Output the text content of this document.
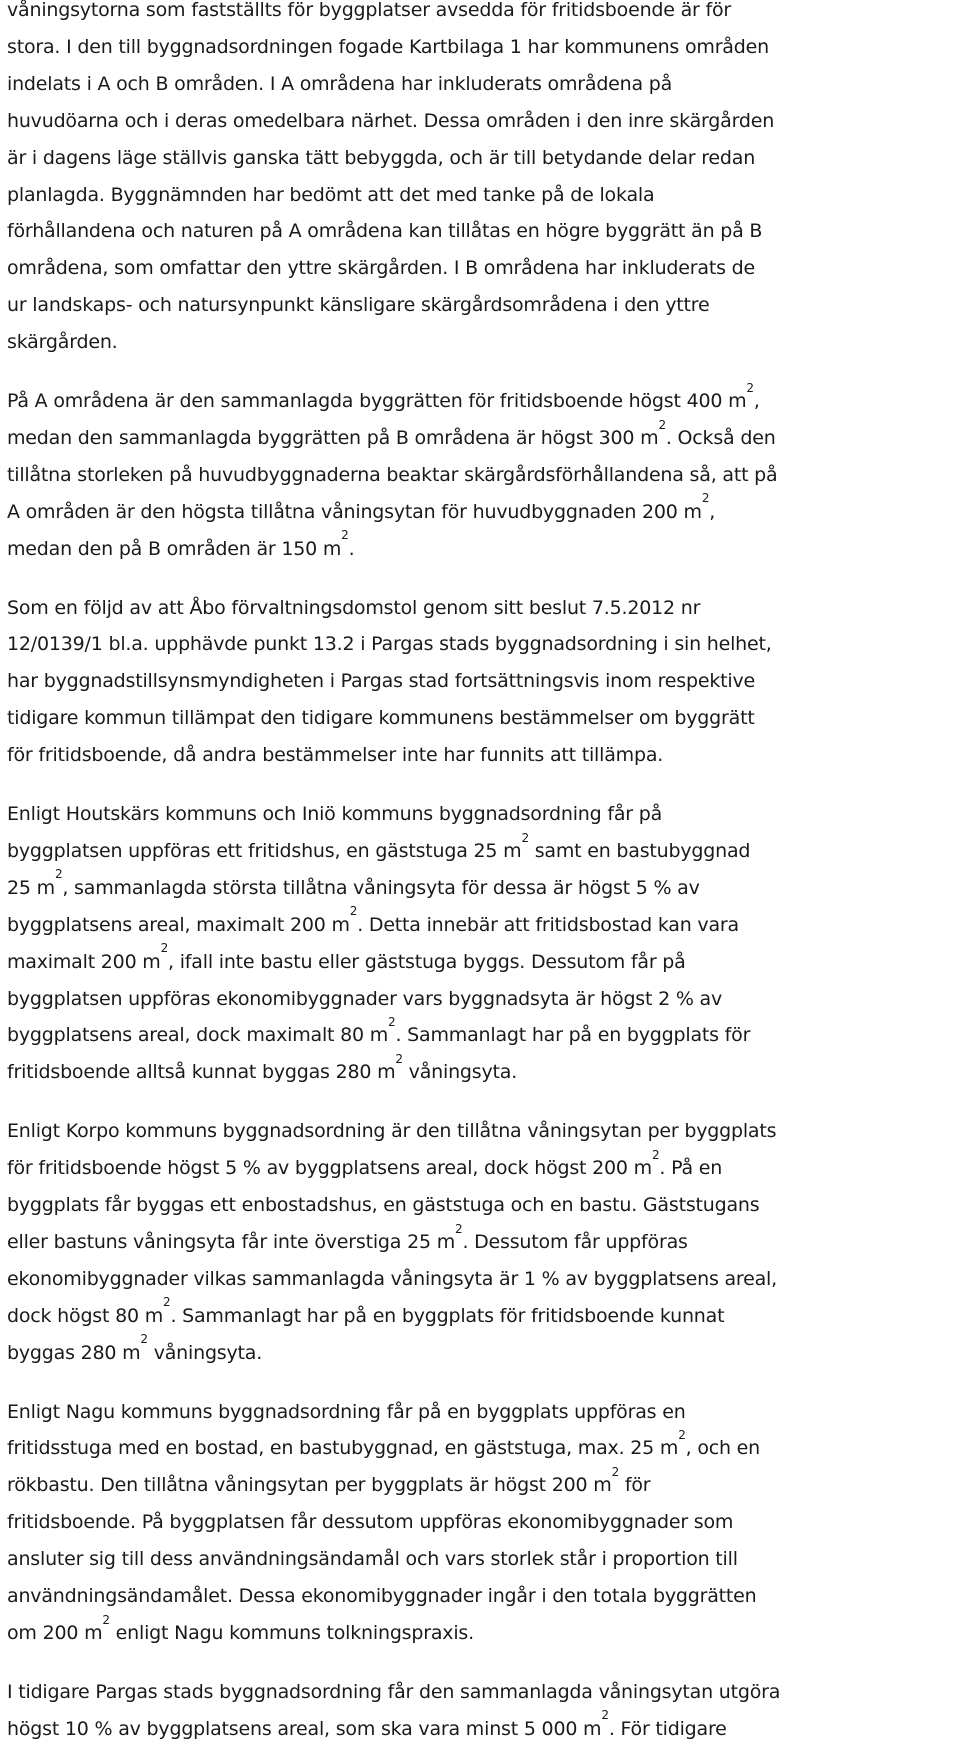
våningsytorna som fastställts för byggplatser avsedda för fritidsboende är för
stora. I den till byggnadsordningen fogade Kartbilaga 1 har kommunens områden
indelats i A och B områden. I A områdena har inkluderats områdena på
huvudöarna och i deras omedelbara närhet. Dessa områden i den inre skärgården
är i dagens läge ställvis ganska tätt bebyggda, och är till betydande delar redan
planlagda. Byggnämnden har bedömt att det med tanke på de lokala
förhållandena och naturen på A områdena kan tillåtas en högre byggrätt än på B
områdena, som omfattar den yttre skärgården. I B områdena har inkluderats de
ur landskaps- och natursynpunkt känsligare skärgårdsområdena i den yttre
skärgården.
På A områdena är den sammanlagda byggrätten för fritidsboende högst 400 $m^2$,
medan den sammanlagda byggrätten på B områdena är högst 300 $m^2$. Också den
tillåtna storleken på huvudbyggnaderna beaktar skärgårdsförhållandena så, att på
A områden är den högsta tillåtna våningsytan för huvudbyggnaden 200 $m^2$,
medan den på B områden är 150 $m^2$.
Som en följd av att Åbo förvaltningsdomstol genom sitt beslut 7.5.2012 nr
12/0139/1 bl.a. upphävde punkt 13.2 i Pargas stads byggnadsordning i sin helhet,
har byggnadstillsynsmyndigheten i Pargas stad fortsättningsvis inom respektive
tidigare kommun tillämpat den tidigare kommunens bestämmelser om byggrätt
för fritidsboende, då andra bestämmelser inte har funnits att tillämpa.
Enligt Houtskärs kommuns och Iniö kommuns byggnadsordning får på
byggplatsen uppföras ett fritidshus, en gäststuga 25 $m^2$ samt en bastubyggnad
25 $m^2$, sammanlagda största tillåtna våningsyta för dessa är högst 5 % av
byggplatsens areal, maximalt 200 $m^2$. Detta innebär att fritidsbostad kan vara
maximalt 200 $m^2$, ifall inte bastu eller gäststuga byggs. Dessutom får på
byggplatsen uppföras ekonomibyggnader vars byggnadsyta är högst 2 % av
byggplatsens areal, dock maximalt 80 $m^2$. Sammanlagt har på en byggplats för
fritidsboende alltså kunnat byggas 280 $m^2$ våningsyta.
Enligt Korpo kommuns byggnadsordning är den tillåtna våningsytan per byggplats
för fritidsboende högst 5 % av byggplatsens areal, dock högst 200 $m^2$. På en
byggplats får byggas ett enbostadshus, en gäststuga och en bastu. Gäststugans
eller bastuns våningsyta får inte överstiga 25 $m^2$. Dessutom får uppföras
ekonomibyggnader vilkas sammanlagda våningsyta är 1 % av byggplatsens areal,
dock högst 80 $m^2$. Sammanlagt har på en byggplats för fritidsboende kunnat
byggas 280 $m^2$ våningsyta.
Enligt Nagu kommuns byggnadsordning får på en byggplats uppföras en
fritidsstuga med en bostad, en bastubyggnad, en gäststuga, max. 25 $m^2$, och en
rökbastu. Den tillåtna våningsytan per byggplats är högst 200 $m^2$ för
fritidsboende. På byggplatsen får dessutom uppföras ekonomibyggnader som
ansluter sig till dess användningsändamål och vars storlek står i proportion till
användningsändamålet. Dessa ekonomibyggnader ingår i den totala byggrätten
om 200 $m^2$ enligt Nagu kommuns tolkningspraxis.
I tidigare Pargas stads byggnadsordning får den sammanlagda våningsytan utgöra
högst 10 % av byggplatsens areal, som ska vara minst 5 000 $m^2$. För tidigare
